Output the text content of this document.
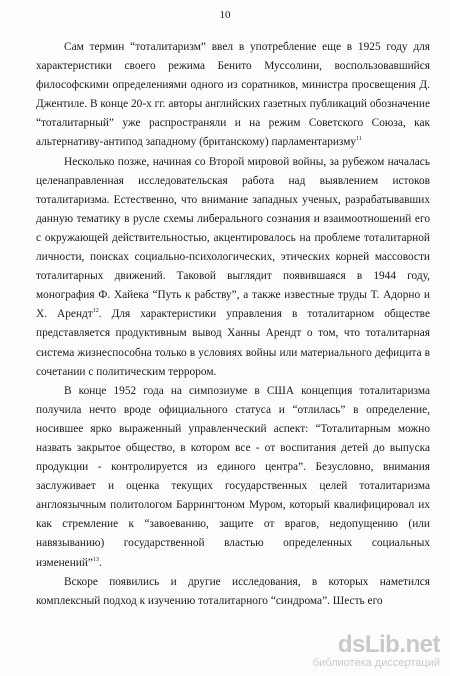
10

Сам термин “тоталитаризм” ввел в употребление еще в 1925 году для характеристики своего режима Бенито Муссолини, воспользовавшийся философскими определениями одного из соратников, министра просвещения Д. Джентиле. В конце 20-х гг. авторы английских газетных публикаций обозначение “тоталитарный” уже распространяли и на режим Советского Союза, как альтернативу-антипод западному (британскому) парламентаризму$^{11}$

Несколько позже, начиная со Второй мировой войны, за рубежом началась целенаправленная исследовательская работа над выявлением истоков тоталитаризма. Естественно, что внимание западных ученых, разрабатывавших данную тематику в русле схемы либерального сознания и взаимоотношений его с окружающей действительностью, акцентировалось на проблеме тоталитарной личности, поисках социально-психологических, этических корней массовости тоталитарных движений. Таковой выглядит появившаяся в 1944 году, монография Ф. Хайека “Путь к рабству”, а также известные труды Т. Адорно и Х. Арендт$^{12}$. Для характеристики управления в тоталитарном обществе представляется продуктивным вывод Ханны Арендт о том, что тоталитарная система жизнеспособна только в условиях войны или материального дефицита в сочетании с политическим террором.

В конце 1952 года на симпозиуме в США концепция тоталитаризма получила нечто вроде официального статуса и “отлилась” в определение, носившее ярко выраженный управленческий аспект: “Тоталитарным можно назвать закрытое общество, в котором все - от воспитания детей до выпуска продукции - контролируется из единого центра”. Безусловно, внимания заслуживает и оценка текущих государственных целей тоталитаризма англоязычным политологом Баррингтоном Муром, который квалифицировал их как стремление к “завоеванию, защите от врагов, недопущению (или навязыванию) государственной властью определенных социальных изменений”$^{13}$.

Вскоре появились и другие исследования, в которых наметился комплексный подход к изучению тоталитарного “синдрома”. Шесть его

dsLib.net
библиотека диссертаций
